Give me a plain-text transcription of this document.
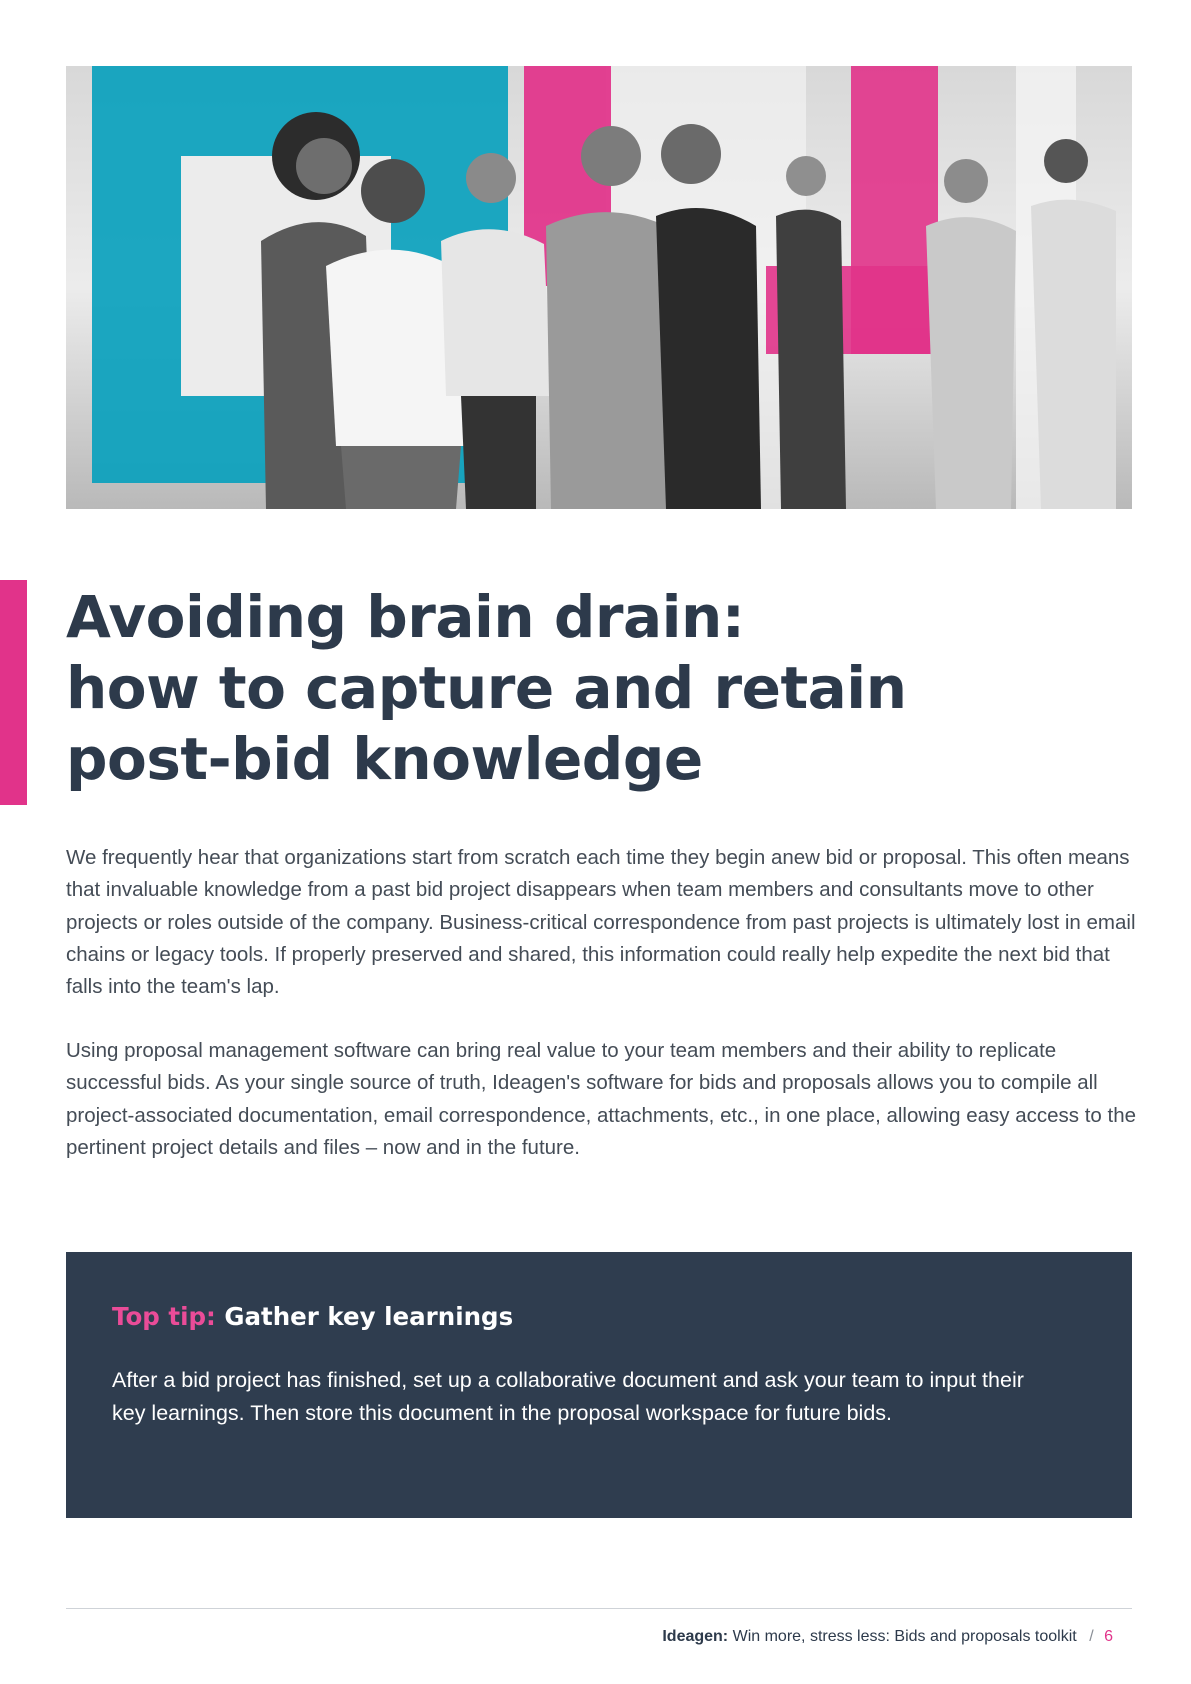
Avoiding brain drain:
how to capture and retain
post-bid knowledge

We frequently hear that organizations start from scratch each time they begin anew bid or proposal. This often means that invaluable knowledge from a past bid project disappears when team members and consultants move to other projects or roles outside of the company. Business-critical correspondence from past projects is ultimately lost in email chains or legacy tools. If properly preserved and shared, this information could really help expedite the next bid that falls into the team's lap.

Using proposal management software can bring real value to your team members and their ability to replicate successful bids. As your single source of truth, Ideagen's software for bids and proposals allows you to compile all project-associated documentation, email correspondence, attachments, etc., in one place, allowing easy access to the pertinent project details and files – now and in the future.

Top tip: Gather key learnings

After a bid project has finished, set up a collaborative document and ask your team to input their key learnings. Then store this document in the proposal workspace for future bids.

Ideagen: Win more, stress less: Bids and proposals toolkit / 6
